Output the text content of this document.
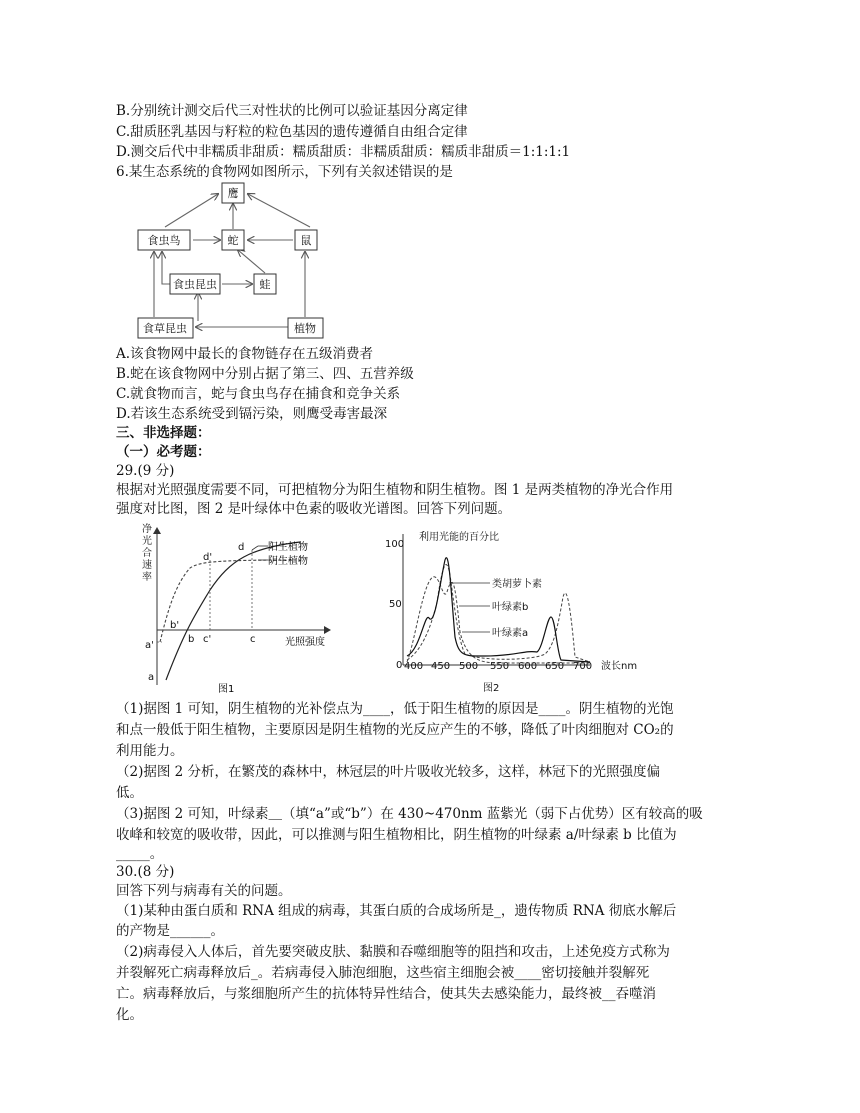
B.分别统计测交后代三对性状的比例可以验证基因分离定律
C.甜质胚乳基因与籽粒的粒色基因的遗传遵循自由组合定律
D.测交后代中非糯质非甜质：糯质甜质：非糯质甜质：糯质非甜质＝1:1:1:1
6.某生态系统的食物网如图所示，下列有关叙述错误的是
鹰
食虫鸟	蛇	鼠
食虫昆虫	蛙
食草昆虫	植物
A.该食物网中最长的食物链存在五级消费者
B.蛇在该食物网中分别占据了第三、四、五营养级
C.就食物而言，蛇与食虫鸟存在捕食和竞争关系
D.若该生态系统受到镉污染，则鹰受毒害最深
三、非选择题：
（一）必考题：
29.(9 分)
根据对光照强度需要不同，可把植物分为阳生植物和阴生植物。图 1 是两类植物的净光合作用
强度对比图，图 2 是叶绿体中色素的吸收光谱图。回答下列问题。
净
光
合
速
率
阳生植物
阴生植物
d'
d
b'
b c'	c
a'
a
光照强度
图1
利用光能的百分比
100
50
0 400 450 500 550 600 650 700 波长nm
类胡萝卜素
叶绿素b
叶绿素a
图2
（1)据图 1 可知，阴生植物的光补偿点为____，低于阳生植物的原因是____。阴生植物的光饱
和点一般低于阳生植物，主要原因是阴生植物的光反应产生的不够，降低了叶肉细胞对 CO₂的
利用能力。
（2)据图 2 分析，在繁茂的森林中，林冠层的叶片吸收光较多，这样，林冠下的光照强度偏
低。
（3)据图 2 可知，叶绿素＿（填“a”或“b”）在 430~470nm 蓝紫光（弱下占优势）区有较高的吸
收峰和较宽的吸收带，因此，可以推测与阳生植物相比，阴生植物的叶绿素 a/叶绿素 b 比值为
_____。
30.(8 分)
回答下列与病毒有关的问题。
（1)某种由蛋白质和 RNA 组成的病毒，其蛋白质的合成场所是_，遗传物质 RNA 彻底水解后
的产物是______。
（2)病毒侵入人体后，首先要突破皮肤、黏膜和吞噬细胞等的阻挡和攻击，上述免疫方式称为
并裂解死亡病毒释放后_。若病毒侵入肺泡细胞，这些宿主细胞会被____密切接触并裂解死
亡。病毒释放后，与浆细胞所产生的抗体特异性结合，使其失去感染能力，最终被__吞噬消
化。
